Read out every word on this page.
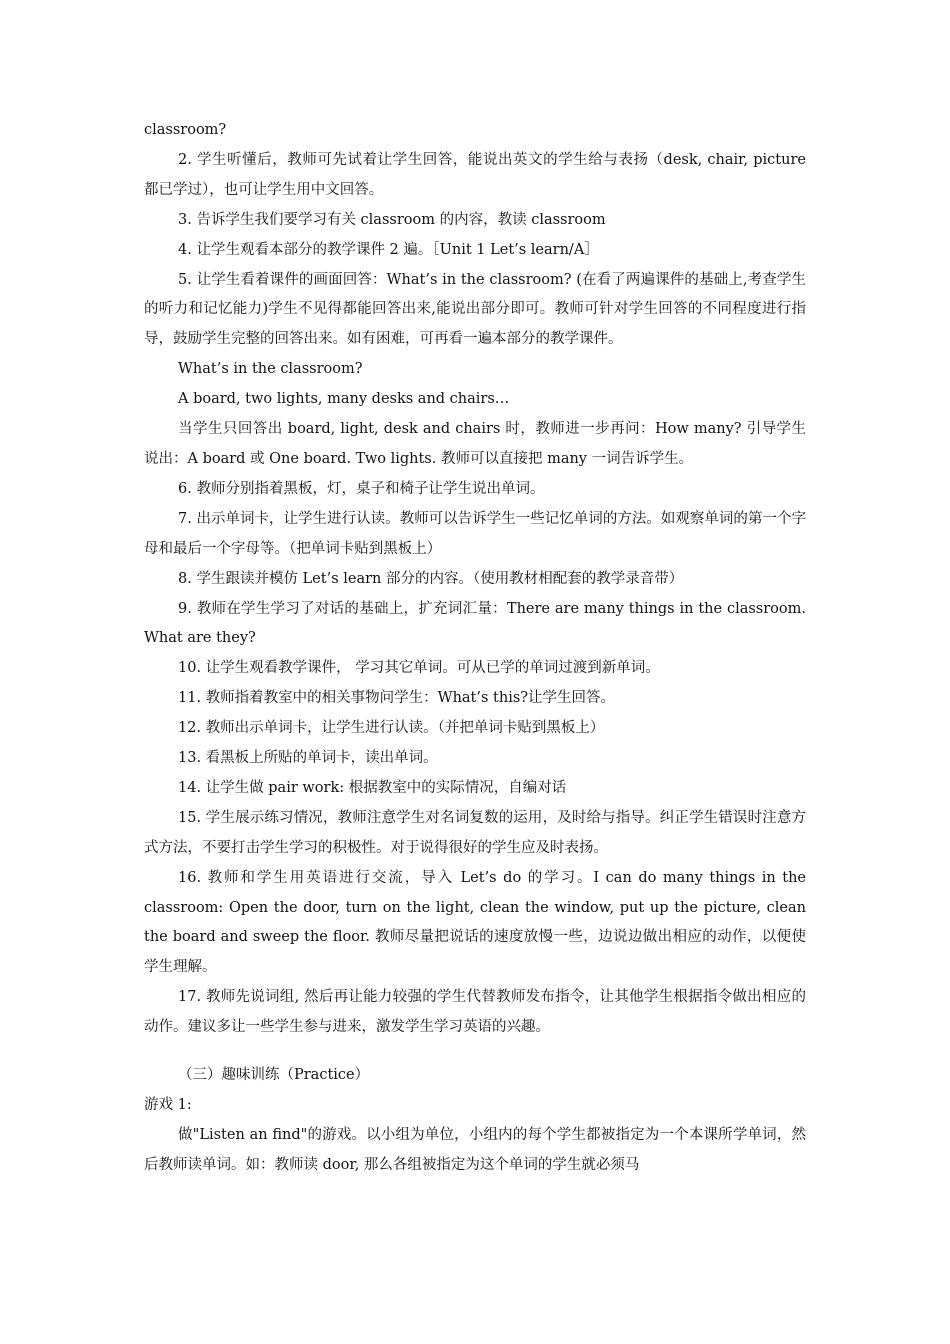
classroom?

2. 学生听懂后，教师可先试着让学生回答，能说出英文的学生给与表扬（desk, chair, picture 都已学过），也可让学生用中文回答。

3. 告诉学生我们要学习有关 classroom 的内容，教读 classroom

4. 让学生观看本部分的教学课件 2 遍。［Unit 1 Let’s learn/A］

5. 让学生看着课件的画面回答：What’s in the classroom? (在看了两遍课件的基础上,考查学生的听力和记忆能力)学生不见得都能回答出来,能说出部分即可。教师可针对学生回答的不同程度进行指导，鼓励学生完整的回答出来。如有困难，可再看一遍本部分的教学课件。

What’s in the classroom?

A board, two lights, many desks and chairs…

当学生只回答出 board, light, desk and chairs 时，教师进一步再问：How many? 引导学生说出：A board 或 One board. Two lights. 教师可以直接把 many 一词告诉学生。

6. 教师分别指着黑板，灯，桌子和椅子让学生说出单词。

7. 出示单词卡，让学生进行认读。教师可以告诉学生一些记忆单词的方法。如观察单词的第一个字母和最后一个字母等。（把单词卡贴到黑板上）

8. 学生跟读并模仿 Let’s learn 部分的内容。（使用教材相配套的教学录音带）

9. 教师在学生学习了对话的基础上，扩充词汇量：There are many things in the classroom. What are they?

10. 让学生观看教学课件， 学习其它单词。可从已学的单词过渡到新单词。

11. 教师指着教室中的相关事物问学生：What’s this?让学生回答。

12. 教师出示单词卡，让学生进行认读。（并把单词卡贴到黑板上）

13. 看黑板上所贴的单词卡，读出单词。

14. 让学生做 pair work: 根据教室中的实际情况，自编对话

15. 学生展示练习情况，教师注意学生对名词复数的运用，及时给与指导。纠正学生错误时注意方式方法，不要打击学生学习的积极性。对于说得很好的学生应及时表扬。

16. 教师和学生用英语进行交流，导入 Let’s do 的学习。I can do many things in the classroom: Open the door, turn on the light, clean the window, put up the picture, clean the board and sweep the floor. 教师尽量把说话的速度放慢一些，边说边做出相应的动作，以便使学生理解。

17. 教师先说词组, 然后再让能力较强的学生代替教师发布指令，让其他学生根据指令做出相应的动作。建议多让一些学生参与进来，激发学生学习英语的兴趣。

（三）趣味训练（Practice）

游戏 1:

做"Listen an find"的游戏。以小组为单位，小组内的每个学生都被指定为一个本课所学单词，然后教师读单词。如：教师读 door, 那么各组被指定为这个单词的学生就必须马
